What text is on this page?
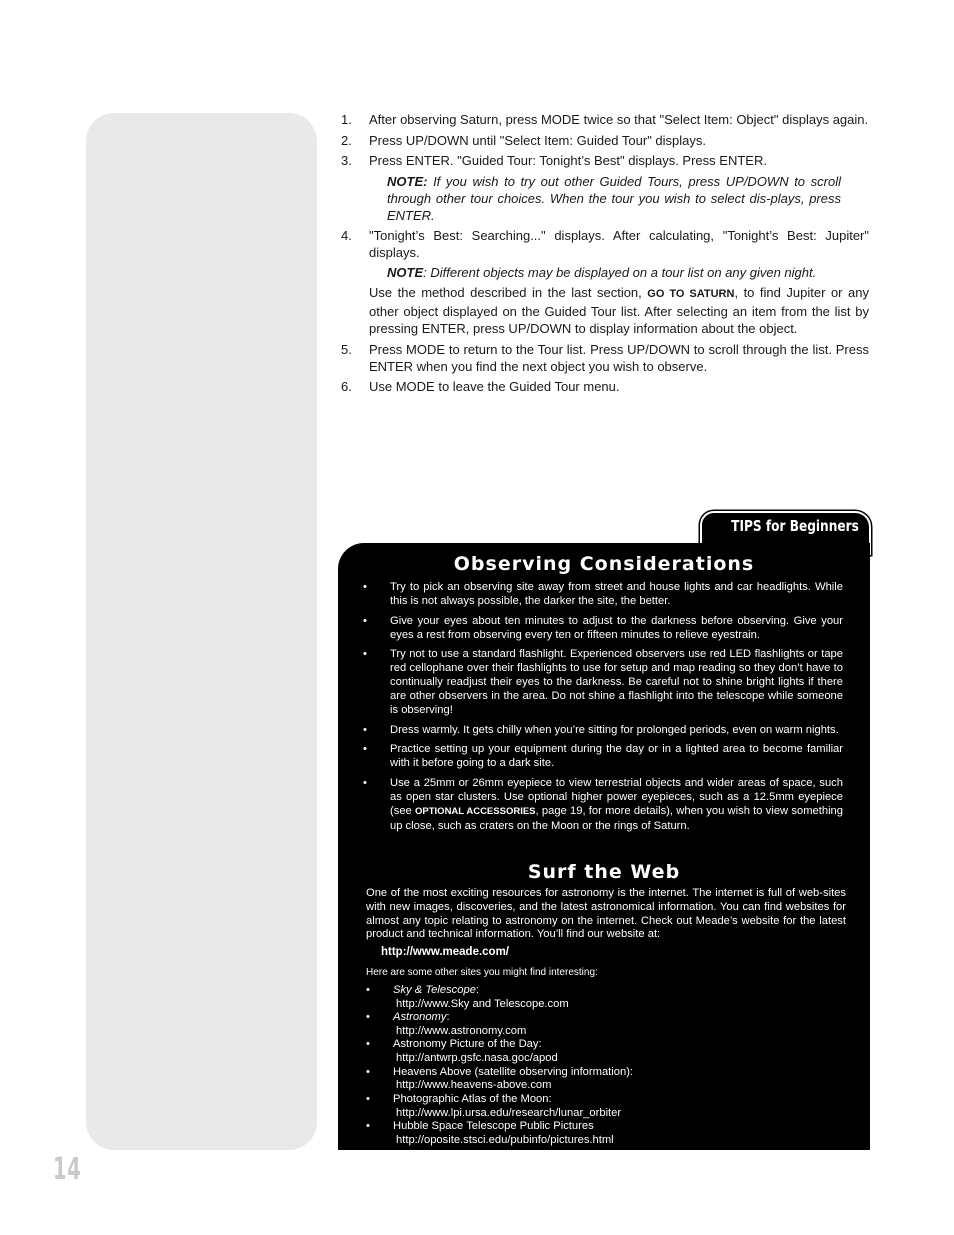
14
1.	After observing Saturn, press MODE twice so that "Select Item: Object" displays again.
2.	Press UP/DOWN until "Select Item: Guided Tour" displays.
3.	Press ENTER. "Guided Tour: Tonight’s Best" displays. Press ENTER.
NOTE: If you wish to try out other Guided Tours, press UP/DOWN to scroll through other tour choices. When the tour you wish to select dis-plays, press ENTER.
4.	"Tonight’s Best: Searching..." displays. After calculating, "Tonight’s Best: Jupiter" displays.
NOTE: Different objects may be displayed on a tour list on any given night.
Use the method described in the last section, GO TO SATURN, to find Jupiter or any other object displayed on the Guided Tour list. After selecting an item from the list by pressing ENTER, press UP/DOWN to display information about the object.
5.	Press MODE to return to the Tour list. Press UP/DOWN to scroll through the list. Press ENTER when you find the next object you wish to observe.
6.	Use MODE to leave the Guided Tour menu.
TIPS for Beginners
Observing Considerations
•	Try to pick an observing site away from street and house lights and car headlights. While this is not always possible, the darker the site, the better.
•	Give your eyes about ten minutes to adjust to the darkness before observing. Give your eyes a rest from observing every ten or fifteen minutes to relieve eyestrain.
•	Try not to use a standard flashlight. Experienced observers use red LED flashlights or tape red cellophane over their flashlights to use for setup and map reading so they don’t have to continually readjust their eyes to the darkness. Be careful not to shine bright lights if there are other observers in the area. Do not shine a flashlight into the telescope while someone is observing!
•	Dress warmly. It gets chilly when you’re sitting for prolonged periods, even on warm nights.
•	Practice setting up your equipment during the day or in a lighted area to become familiar with it before going to a dark site.
•	Use a 25mm or 26mm eyepiece to view terrestrial objects and wider areas of space, such as open star clusters. Use optional higher power eyepieces, such as a 12.5mm eyepiece (see OPTIONAL ACCESSORIES, page 19, for more details), when you wish to view something up close, such as craters on the Moon or the rings of Saturn.
Surf the Web
One of the most exciting resources for astronomy is the internet. The internet is full of web-sites with new images, discoveries, and the latest astronomical information. You can find websites for almost any topic relating to astronomy on the internet. Check out Meade’s website for the latest product and technical information. You’ll find our website at:
http://www.meade.com/
Here are some other sites you might find interesting:
•	Sky & Telescope:
http://www.Sky and Telescope.com
•	Astronomy:
http://www.astronomy.com
•	Astronomy Picture of the Day:
http://antwrp.gsfc.nasa.goc/apod
•	Heavens Above (satellite observing information):
http://www.heavens-above.com
•	Photographic Atlas of the Moon:
http://www.lpi.ursa.edu/research/lunar_orbiter
•	Hubble Space Telescope Public Pictures
http://oposite.stsci.edu/pubinfo/pictures.html
